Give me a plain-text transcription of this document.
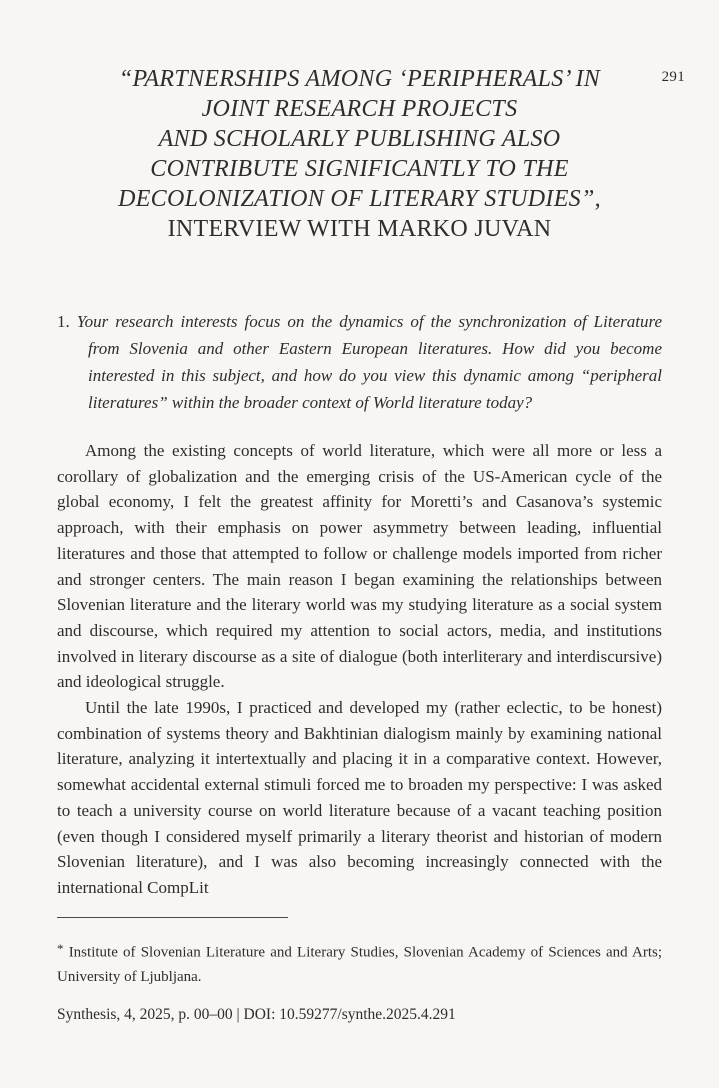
291
“PARTNERSHIPS AMONG ‘PERIPHERALS’ IN
JOINT RESEARCH PROJECTS
AND SCHOLARLY PUBLISHING ALSO
CONTRIBUTE SIGNIFICANTLY TO THE
DECOLONIZATION OF LITERARY STUDIES”,
INTERVIEW WITH MARKO JUVAN

1. Your research interests focus on the dynamics of the synchronization of Literature from Slovenia and other Eastern European literatures. How did you become interested in this subject, and how do you view this dynamic among “peripheral literatures” within the broader context of World literature today?

Among the existing concepts of world literature, which were all more or less a corollary of globalization and the emerging crisis of the US-American cycle of the global economy, I felt the greatest affinity for Moretti’s and Casanova’s systemic approach, with their emphasis on power asymmetry between leading, influential literatures and those that attempted to follow or challenge models imported from richer and stronger centers. The main reason I began examining the relationships between Slovenian literature and the literary world was my studying literature as a social system and discourse, which required my attention to social actors, media, and institutions involved in literary discourse as a site of dialogue (both interliterary and interdiscursive) and ideological struggle.

Until the late 1990s, I practiced and developed my (rather eclectic, to be honest) combination of systems theory and Bakhtinian dialogism mainly by examining national literature, analyzing it intertextually and placing it in a comparative context. However, somewhat accidental external stimuli forced me to broaden my perspective: I was asked to teach a university course on world literature because of a vacant teaching position (even though I considered myself primarily a literary theorist and historian of modern Slovenian literature), and I was also becoming increasingly connected with the international CompLit

* Institute of Slovenian Literature and Literary Studies, Slovenian Academy of Sciences and Arts; University of Ljubljana.

Synthesis, 4, 2025, p. 00–00 | DOI: 10.59277/synthe.2025.4.291
